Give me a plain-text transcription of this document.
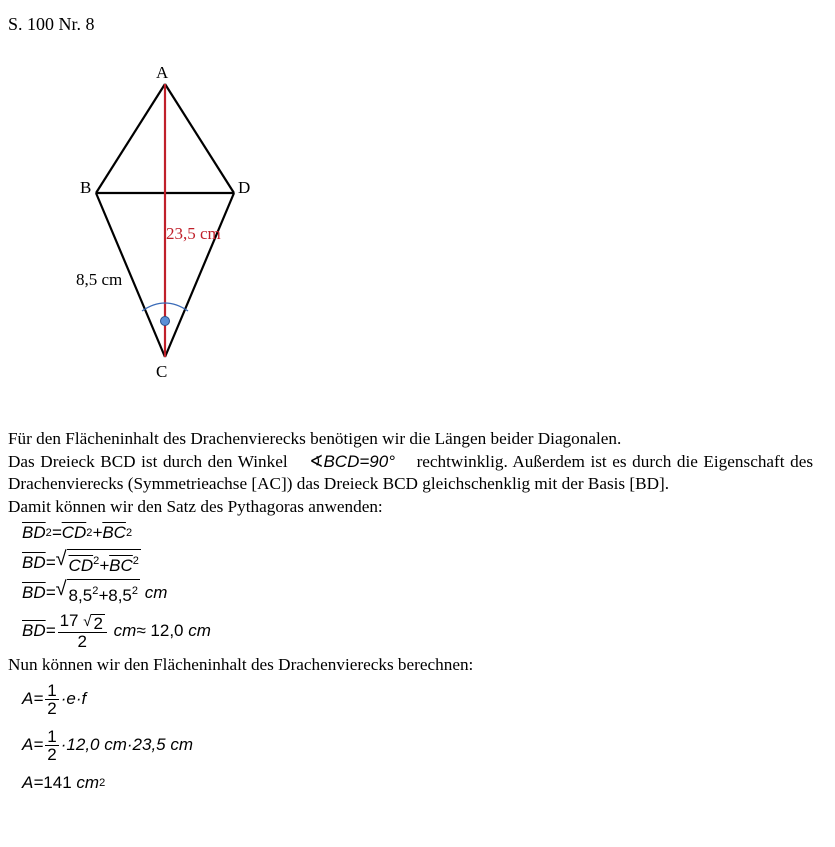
S. 100 Nr. 8
A
B	D
C
23,5 cm
8,5 cm

Für den Flächeninhalt des Drachenvierecks benötigen wir die Längen beider Diagonalen.

Das Dreieck BCD ist durch den Winkel ∢BCD=90° rechtwinklig. Außerdem ist es durch die Eigenschaft des Drachenvierecks (Symmetrieachse [AC]) das Dreieck BCD gleichschenklig mit der Basis [BD].

Damit können wir den Satz des Pythagoras anwenden:

$\overline{BD}$ $2 = \overline{CD}$ $2 + \overline{BC}$ 2
$\overline{BD}$ = √ $CD^2+\overline{BC}^2$
$\overline{BD}$ = √ $8,5^2+8,5^2$
cm
$\overline{BD} = \frac{17 √ 2}{2}$
cm ≈
12,0
cm

Nun können wir den Flächeninhalt des Drachenvierecks berechnen:

$A = \frac{1}{2} \cdot e\cdot f$
$A = \frac{1}{2} \cdot 12,0$ cm·23,5 cm
A = 141
cm 2
